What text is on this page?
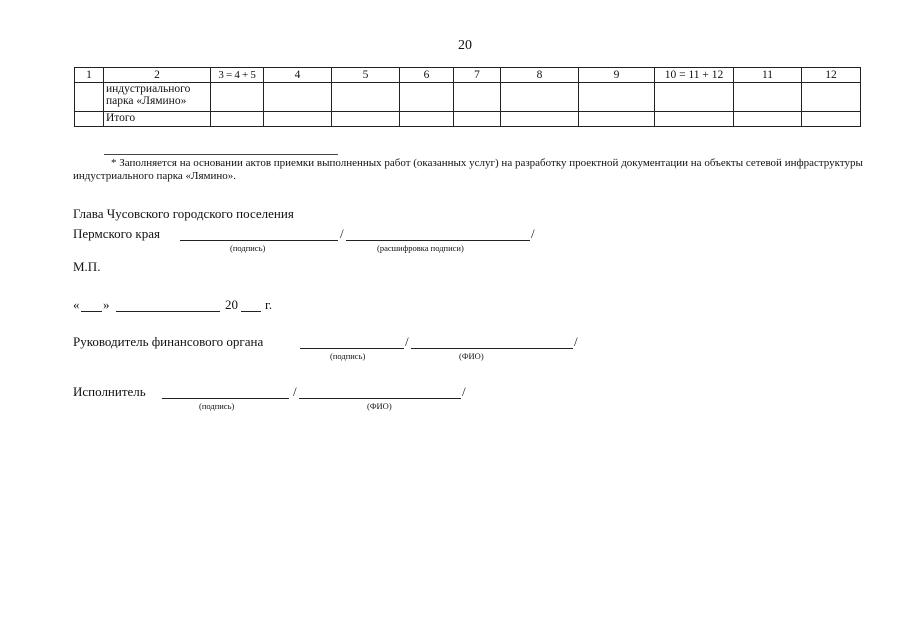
20
1	2	3 = 4 + 5	4	5	6	7	8	9	10 = 11 + 12	11	12
	индустриального парка «Лямино»										
	Итого										
* Заполняется на основании актов приемки выполненных работ (оказанных услуг) на разработку проектной документации на объекты сетевой инфраструктуры индустриального парка «Лямино».
Глава Чусовского городского поселения
Пермского края	/	/
(подпись)	(расшифровка подписи)
М.П.
« »	20 г.
Руководитель финансового органа	/	/
(подпись)	(ФИО)
Исполнитель	/	/
(подпись)	(ФИО)
